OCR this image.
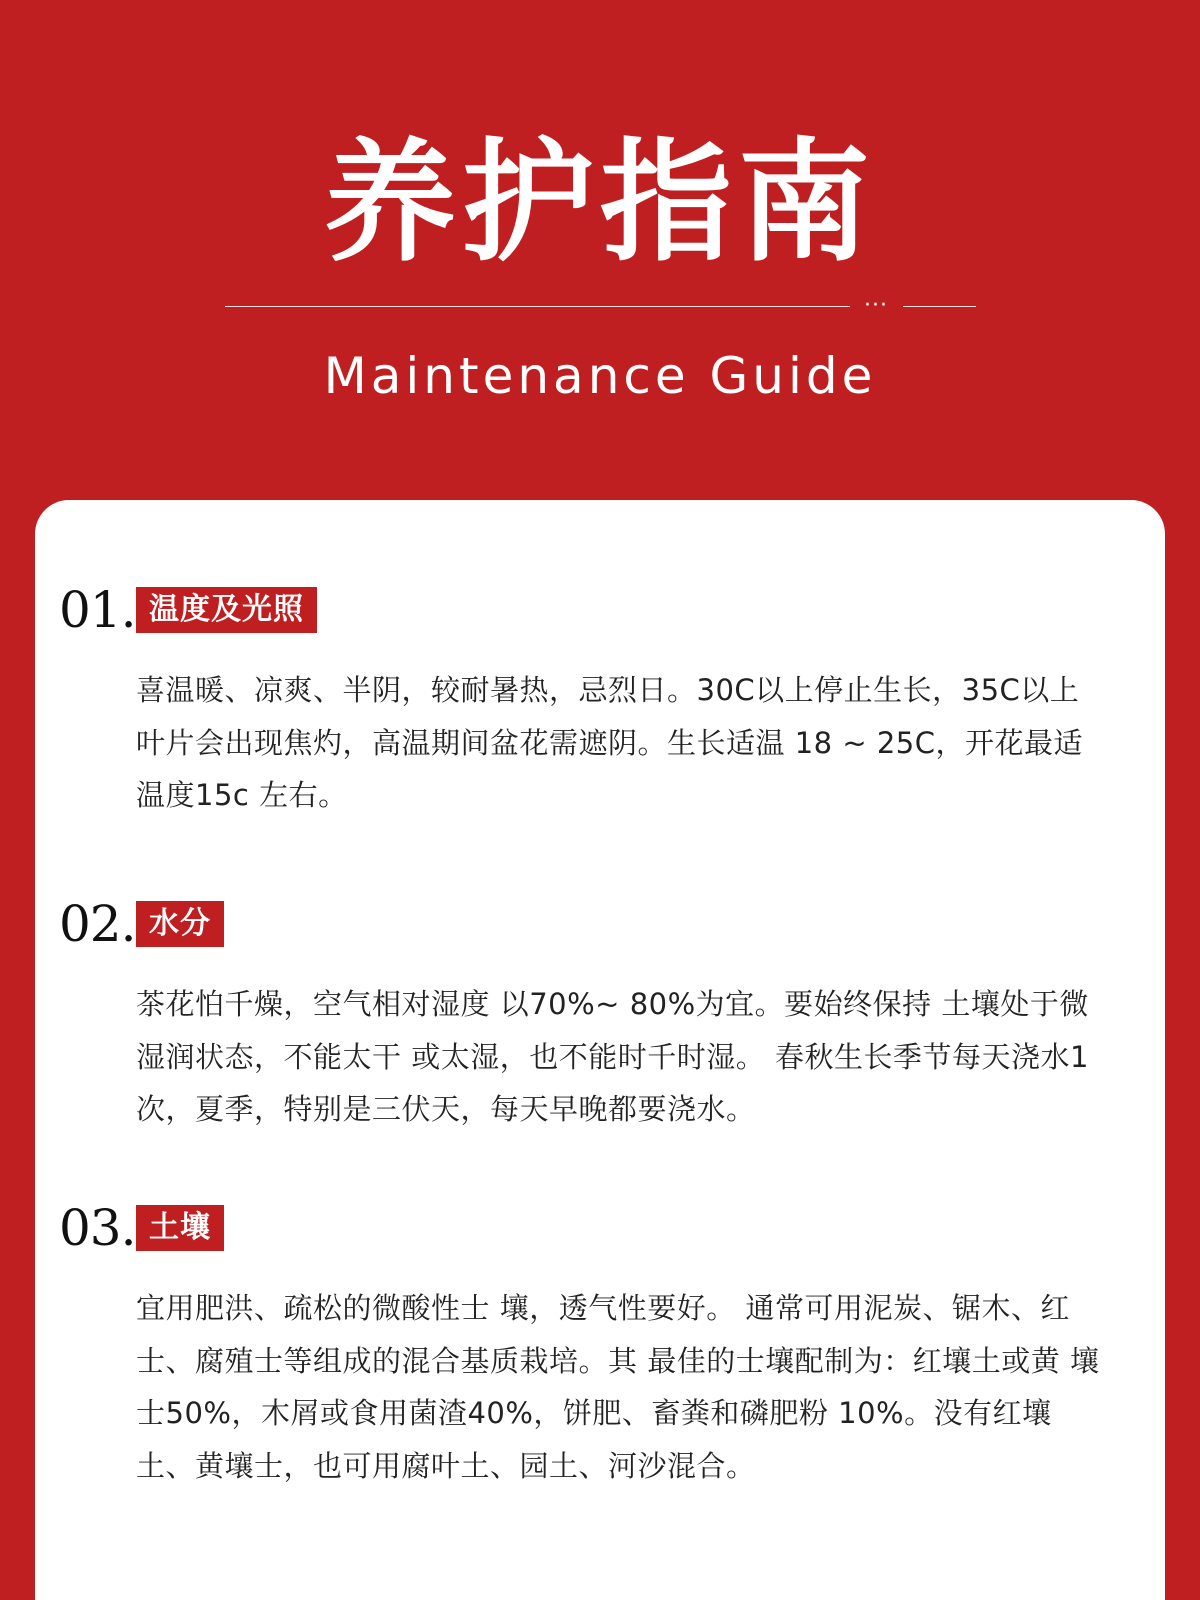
养护指南
···
Maintenance Guide
01. 温度及光照

喜温暖、凉爽、半阴，较耐暑热，忌烈日。30C以上停止生长，35C以上叶片会出现焦灼，高温期间盆花需遮阴。生长适温 18 ~ 25C，开花最适温度15c 左右。

02. 水分

茶花怕千燥，空气相对湿度 以70%~ 80%为宜。要始终保持 土壤处于微湿润状态，不能太干 或太湿，也不能时千时湿。 春秋生长季节每天浇水1次，夏季，特别是三伏天，每天早晚都要浇水。

03. 土壤

宜用肥洪、疏松的微酸性士 壤，透气性要好。 通常可用泥炭、锯木、红士、腐殖士等组成的混合基质栽培。其 最佳的士壤配制为：红壤土或黄 壤士50%，木屑或食用菌渣40%，饼肥、畜粪和磷肥粉 10%。没有红壤土、黄壤士，也可用腐叶土、园土、河沙混合。
